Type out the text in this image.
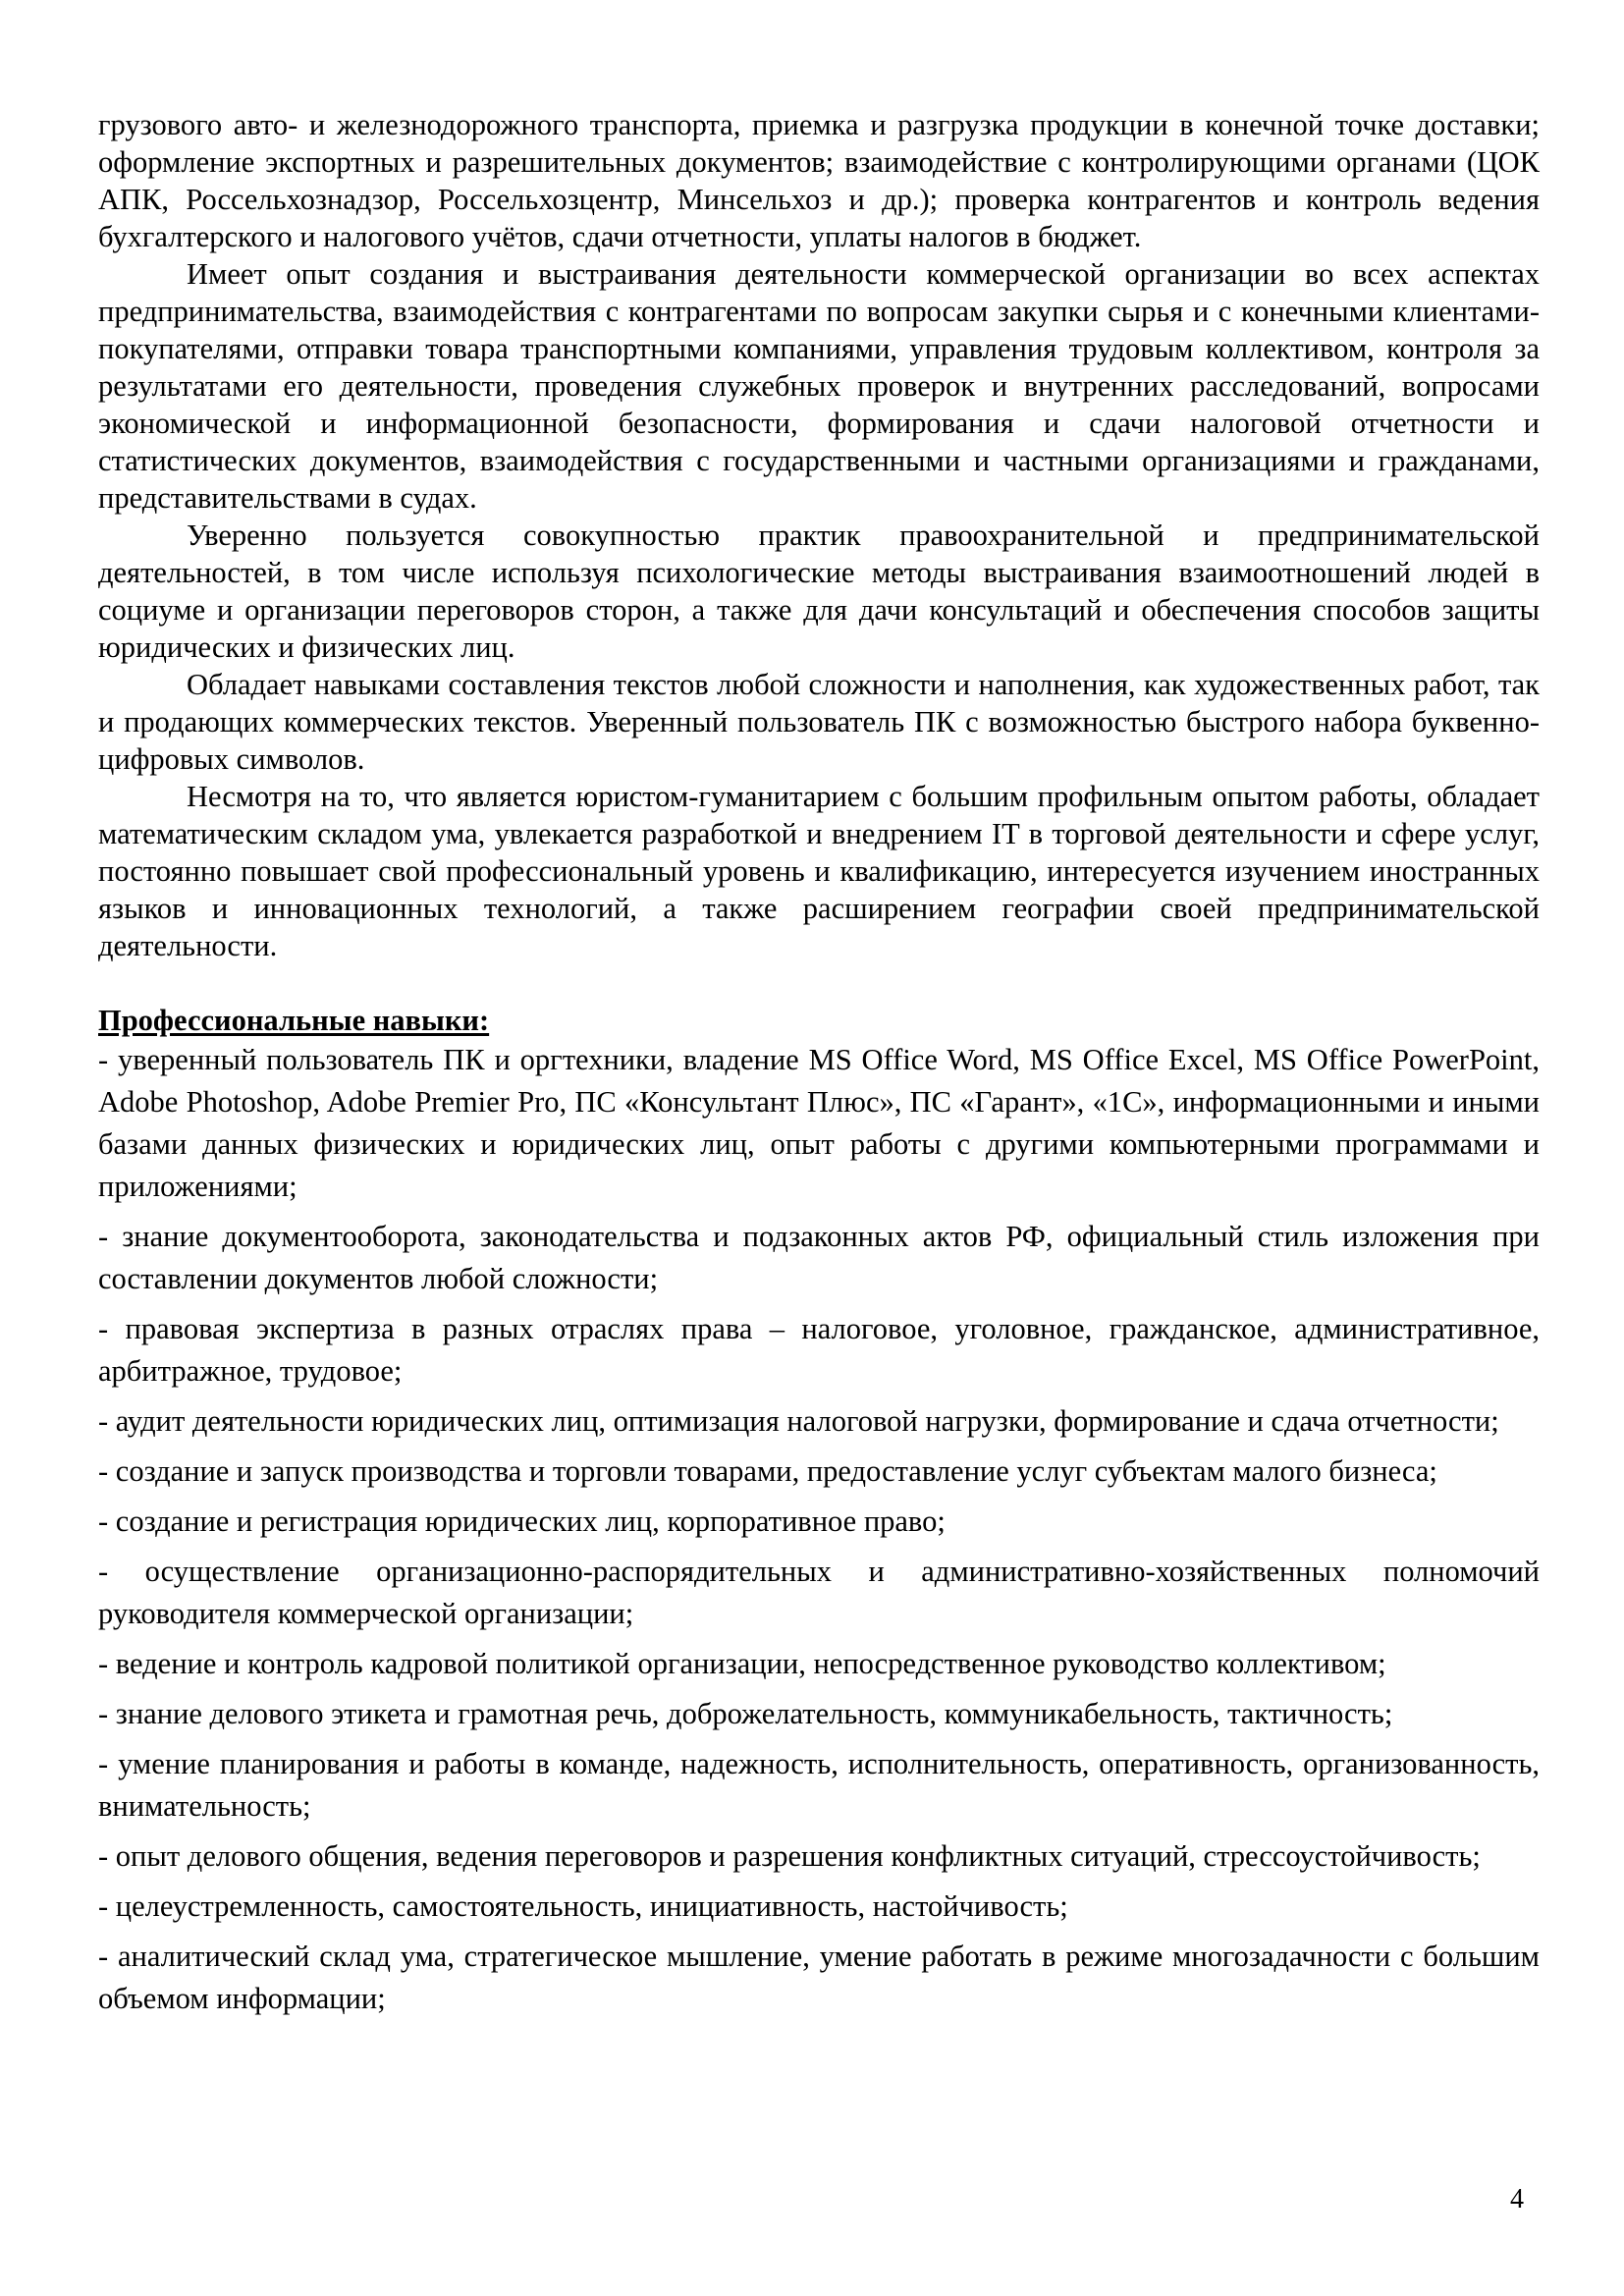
грузового авто- и железнодорожного транспорта, приемка и разгрузка продукции в конечной точке доставки; оформление экспортных и разрешительных документов; взаимодействие с контролирующими органами (ЦОК АПК, Россельхознадзор, Россельхозцентр, Минсельхоз и др.); проверка контрагентов и контроль ведения бухгалтерского и налогового учётов, сдачи отчетности, уплаты налогов в бюджет.

Имеет опыт создания и выстраивания деятельности коммерческой организации во всех аспектах предпринимательства, взаимодействия с контрагентами по вопросам закупки сырья и с конечными клиентами-покупателями, отправки товара транспортными компаниями, управления трудовым коллективом, контроля за результатами его деятельности, проведения служебных проверок и внутренних расследований, вопросами экономической и информационной безопасности, формирования и сдачи налоговой отчетности и статистических документов, взаимодействия с государственными и частными организациями и гражданами, представительствами в судах.

Уверенно пользуется совокупностью практик правоохранительной и предпринимательской деятельностей, в том числе используя психологические методы выстраивания взаимоотношений людей в социуме и организации переговоров сторон, а также для дачи консультаций и обеспечения способов защиты юридических и физических лиц.

Обладает навыками составления текстов любой сложности и наполнения, как художественных работ, так и продающих коммерческих текстов. Уверенный пользователь ПК с возможностью быстрого набора буквенно-цифровых символов.

Несмотря на то, что является юристом-гуманитарием с большим профильным опытом работы, обладает математическим складом ума, увлекается разработкой и внедрением IT в торговой деятельности и сфере услуг, постоянно повышает свой профессиональный уровень и квалификацию, интересуется изучением иностранных языков и инновационных технологий, а также расширением географии своей предпринимательской деятельности.

Профессиональные навыки:

- уверенный пользователь ПК и оргтехники, владение MS Office Word, MS Office Excel, MS Office PowerPoint, Adobe Photoshop, Adobe Premier Pro, ПС «Консультант Плюс», ПС «Гарант», «1С», информационными и иными базами данных физических и юридических лиц, опыт работы с другими компьютерными программами и приложениями;
- знание документооборота, законодательства и подзаконных актов РФ, официальный стиль изложения при составлении документов любой сложности;
- правовая экспертиза в разных отраслях права – налоговое, уголовное, гражданское, административное, арбитражное, трудовое;
- аудит деятельности юридических лиц, оптимизация налоговой нагрузки, формирование и сдача отчетности;
- создание и запуск производства и торговли товарами, предоставление услуг субъектам малого бизнеса;
- создание и регистрация юридических лиц, корпоративное право;
- осуществление организационно-распорядительных и административно-хозяйственных полномочий руководителя коммерческой организации;
- ведение и контроль кадровой политикой организации, непосредственное руководство коллективом;
- знание делового этикета и грамотная речь, доброжелательность, коммуникабельность, тактичность;
- умение планирования и работы в команде, надежность, исполнительность, оперативность, организованность, внимательность;
- опыт делового общения, ведения переговоров и разрешения конфликтных ситуаций, стрессоустойчивость;
- целеустремленность, самостоятельность, инициативность, настойчивость;
- аналитический склад ума, стратегическое мышление, умение работать в режиме многозадачности с большим объемом информации;
4
